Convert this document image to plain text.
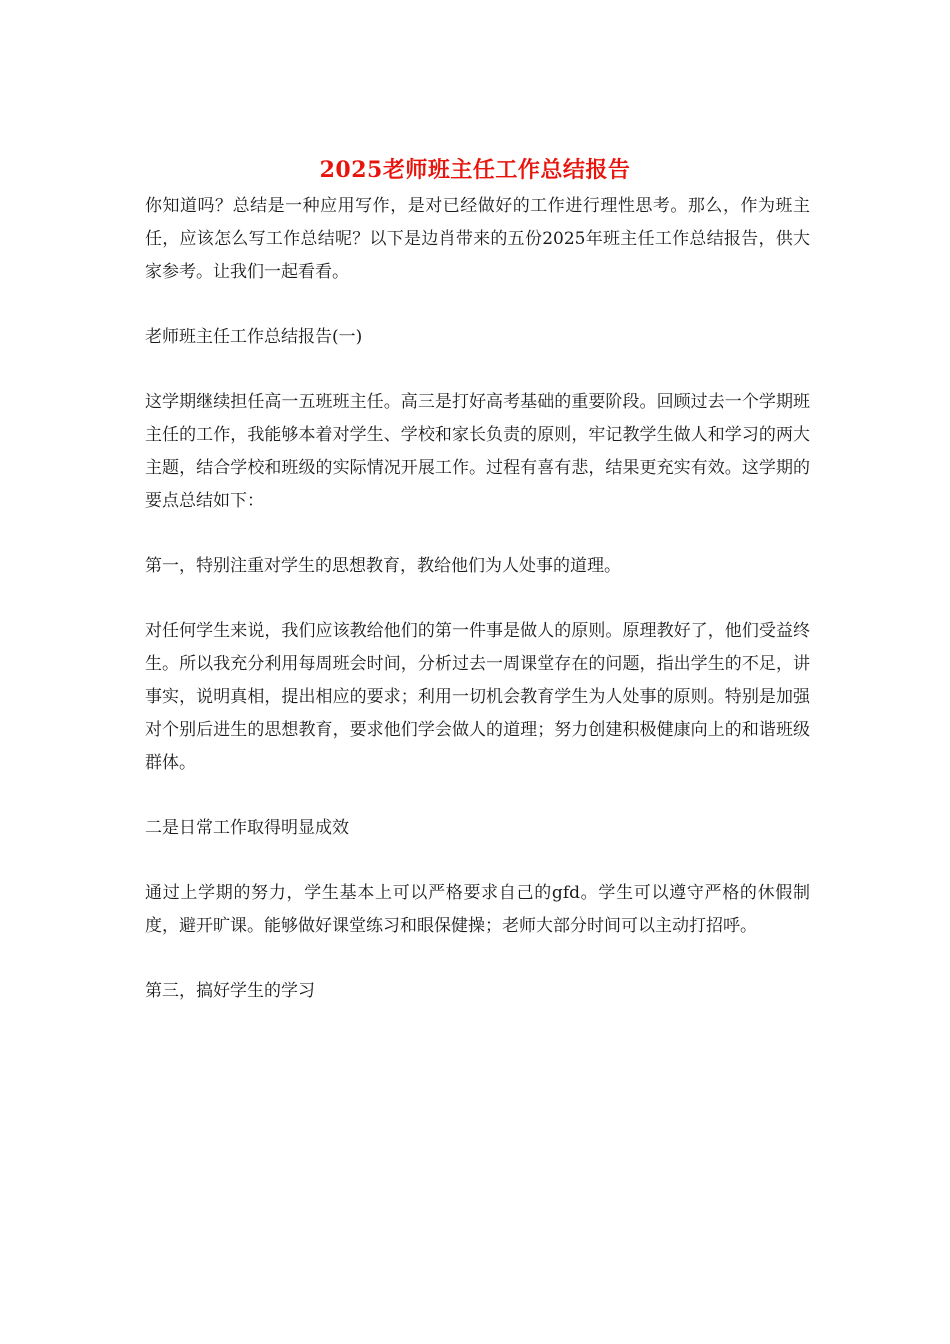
2025老师班主任工作总结报告

你知道吗？总结是一种应用写作，是对已经做好的工作进行理性思考。那么，作为班主任，应该怎么写工作总结呢？以下是边肖带来的五份2025年班主任工作总结报告，供大家参考。让我们一起看看。

老师班主任工作总结报告(一)

这学期继续担任高一五班班主任。高三是打好高考基础的重要阶段。回顾过去一个学期班主任的工作，我能够本着对学生、学校和家长负责的原则，牢记教学生做人和学习的两大主题，结合学校和班级的实际情况开展工作。过程有喜有悲，结果更充实有效。这学期的要点总结如下：

第一，特别注重对学生的思想教育，教给他们为人处事的道理。

对任何学生来说，我们应该教给他们的第一件事是做人的原则。原理教好了，他们受益终生。所以我充分利用每周班会时间，分析过去一周课堂存在的问题，指出学生的不足，讲事实，说明真相，提出相应的要求；利用一切机会教育学生为人处事的原则。特别是加强对个别后进生的思想教育，要求他们学会做人的道理；努力创建积极健康向上的和谐班级群体。

二是日常工作取得明显成效

通过上学期的努力，学生基本上可以严格要求自己的gfd。学生可以遵守严格的休假制度，避开旷课。能够做好课堂练习和眼保健操；老师大部分时间可以主动打招呼。

第三，搞好学生的学习
